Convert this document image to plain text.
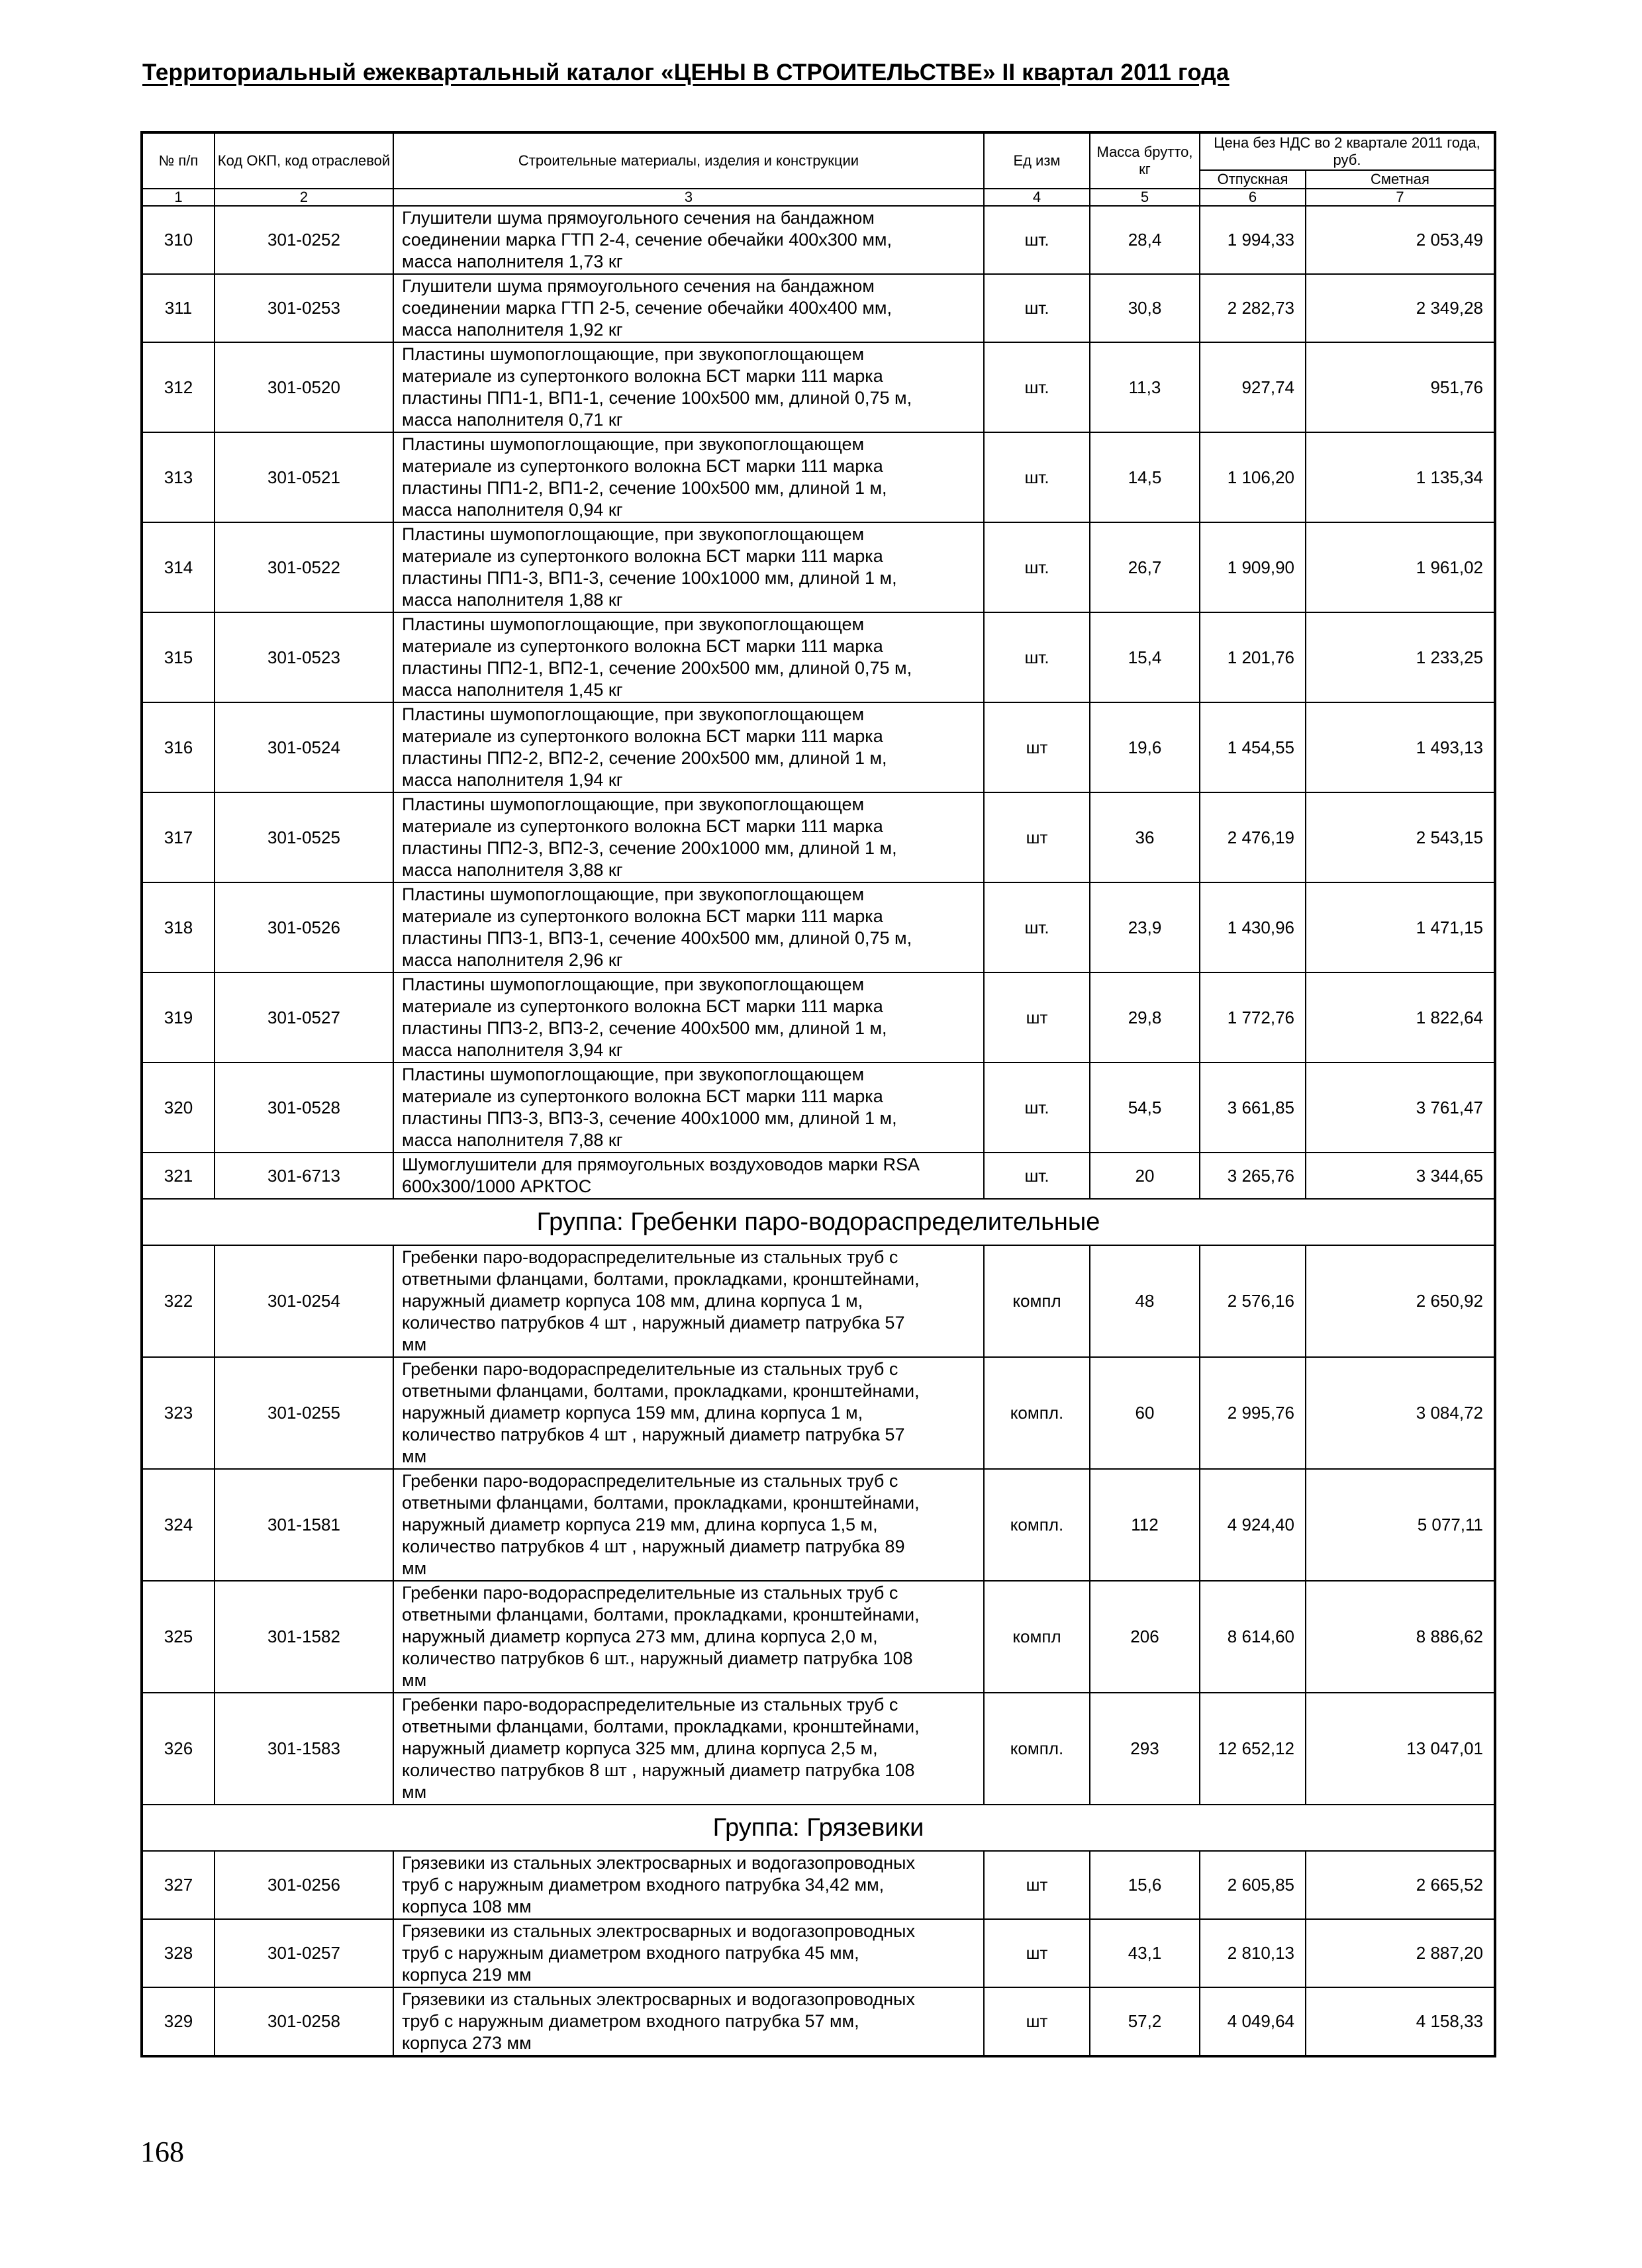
Территориальный ежеквартальный каталог «ЦЕНЫ В СТРОИТЕЛЬСТВЕ» II квартал 2011 года
№ п/п	Код ОКП, код отраслевой	Строительные материалы, изделия и конструкции	Ед изм	Масса брутто, кг	Цена без НДС во 2 квартале 2011 года, руб.	
					Отпускная	Сметная
1	2	3	4	5	6	7
310	301-0252	Глушители шума прямоугольного сечения на бандажном
соединении марка ГТП 2-4, сечение обечайки 400х300 мм,
масса наполнителя 1,73 кг	шт.	28,4	1 994,33	2 053,49
311	301-0253	Глушители шума прямоугольного сечения на бандажном
соединении марка ГТП 2-5, сечение обечайки 400х400 мм,
масса наполнителя 1,92 кг	шт.	30,8	2 282,73	2 349,28
312	301-0520	Пластины шумопоглощающие, при звукопоглощающем
материале из супертонкого волокна БСТ марки 111 марка
пластины ПП1-1, ВП1-1, сечение 100х500 мм, длиной 0,75 м,
масса наполнителя 0,71 кг	шт.	11,3	927,74	951,76
313	301-0521	Пластины шумопоглощающие, при звукопоглощающем
материале из супертонкого волокна БСТ марки 111 марка
пластины ПП1-2, ВП1-2, сечение 100х500 мм, длиной 1 м,
масса наполнителя 0,94 кг	шт.	14,5	1 106,20	1 135,34
314	301-0522	Пластины шумопоглощающие, при звукопоглощающем
материале из супертонкого волокна БСТ марки 111 марка
пластины ПП1-3, ВП1-3, сечение 100х1000 мм, длиной 1 м,
масса наполнителя 1,88 кг	шт.	26,7	1 909,90	1 961,02
315	301-0523	Пластины шумопоглощающие, при звукопоглощающем
материале из супертонкого волокна БСТ марки 111 марка
пластины ПП2-1, ВП2-1, сечение 200х500 мм, длиной 0,75 м,
масса наполнителя 1,45 кг	шт.	15,4	1 201,76	1 233,25
316	301-0524	Пластины шумопоглощающие, при звукопоглощающем
материале из супертонкого волокна БСТ марки 111 марка
пластины ПП2-2, ВП2-2, сечение 200х500 мм, длиной 1 м,
масса наполнителя 1,94 кг	шт	19,6	1 454,55	1 493,13
317	301-0525	Пластины шумопоглощающие, при звукопоглощающем
материале из супертонкого волокна БСТ марки 111 марка
пластины ПП2-3, ВП2-3, сечение 200х1000 мм, длиной 1 м,
масса наполнителя 3,88 кг	шт	36	2 476,19	2 543,15
318	301-0526	Пластины шумопоглощающие, при звукопоглощающем
материале из супертонкого волокна БСТ марки 111 марка
пластины ПП3-1, ВП3-1, сечение 400х500 мм, длиной 0,75 м,
масса наполнителя 2,96 кг	шт.	23,9	1 430,96	1 471,15
319	301-0527	Пластины шумопоглощающие, при звукопоглощающем
материале из супертонкого волокна БСТ марки 111 марка
пластины ПП3-2, ВП3-2, сечение 400х500 мм, длиной 1 м,
масса наполнителя 3,94 кг	шт	29,8	1 772,76	1 822,64
320	301-0528	Пластины шумопоглощающие, при звукопоглощающем
материале из супертонкого волокна БСТ марки 111 марка
пластины ПП3-3, ВП3-3, сечение 400х1000 мм, длиной 1 м,
масса наполнителя 7,88 кг	шт.	54,5	3 661,85	3 761,47
321	301-6713	Шумоглушители для прямоугольных воздуховодов марки RSA
600х300/1000 АРКТОС	шт.	20	3 265,76	3 344,65
Группа: Гребенки паро-водораспределительные						
322	301-0254	Гребенки паро-водораспределительные из стальных труб с
ответными фланцами, болтами, прокладками, кронштейнами,
наружный диаметр корпуса 108 мм, длина корпуса 1 м,
количество патрубков 4 шт , наружный диаметр патрубка 57
мм	компл	48	2 576,16	2 650,92
323	301-0255	Гребенки паро-водораспределительные из стальных труб с
ответными фланцами, болтами, прокладками, кронштейнами,
наружный диаметр корпуса 159 мм, длина корпуса 1 м,
количество патрубков 4 шт , наружный диаметр патрубка 57
мм	компл.	60	2 995,76	3 084,72
324	301-1581	Гребенки паро-водораспределительные из стальных труб с
ответными фланцами, болтами, прокладками, кронштейнами,
наружный диаметр корпуса 219 мм, длина корпуса 1,5 м,
количество патрубков 4 шт , наружный диаметр патрубка 89
мм	компл.	112	4 924,40	5 077,11
325	301-1582	Гребенки паро-водораспределительные из стальных труб с
ответными фланцами, болтами, прокладками, кронштейнами,
наружный диаметр корпуса 273 мм, длина корпуса 2,0 м,
количество патрубков 6 шт., наружный диаметр патрубка 108
мм	компл	206	8 614,60	8 886,62
326	301-1583	Гребенки паро-водораспределительные из стальных труб с
ответными фланцами, болтами, прокладками, кронштейнами,
наружный диаметр корпуса 325 мм, длина корпуса 2,5 м,
количество патрубков 8 шт , наружный диаметр патрубка 108
мм	компл.	293	12 652,12	13 047,01
Группа: Грязевики						
327	301-0256	Грязевики из стальных электросварных и водогазопроводных
труб с наружным диаметром входного патрубка 34,42 мм,
корпуса 108 мм	шт	15,6	2 605,85	2 665,52
328	301-0257	Грязевики из стальных электросварных и водогазопроводных
труб с наружным диаметром входного патрубка 45 мм,
корпуса 219 мм	шт	43,1	2 810,13	2 887,20
329	301-0258	Грязевики из стальных электросварных и водогазопроводных
труб с наружным диаметром входного патрубка 57 мм,
корпуса 273 мм	шт	57,2	4 049,64	4 158,33
168
